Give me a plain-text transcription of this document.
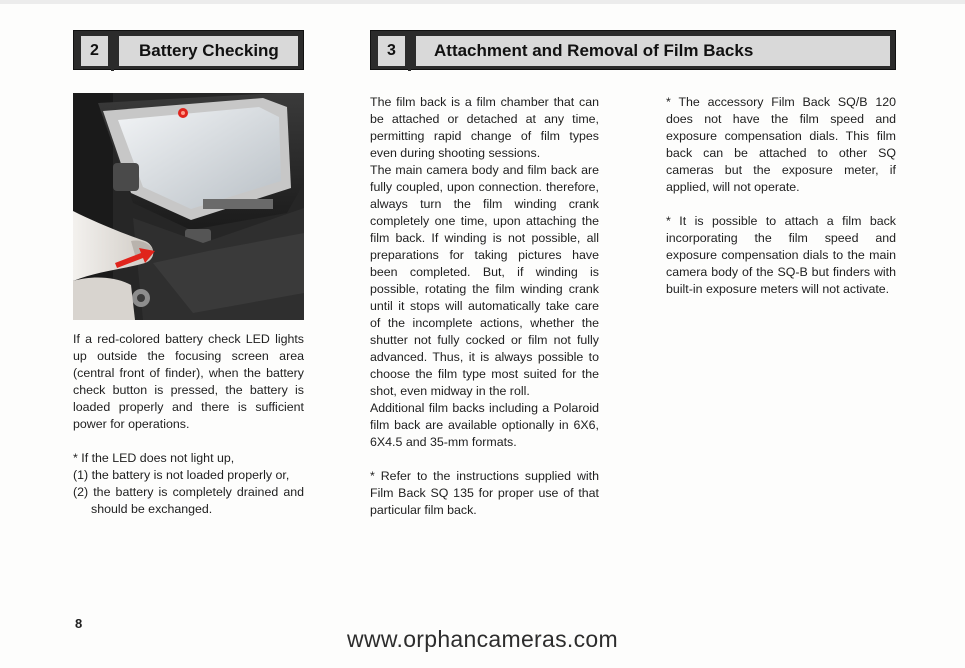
2	Battery Checking	3	Attachment and Removal of Film Backs

If a red-colored battery check LED lights up outside the focusing screen area (central front of finder), when the battery check button is pressed, the battery is loaded properly and there is sufficient power for operations.

* If the LED does not light up,

(1) the battery is not loaded properly or,

(2) the battery is completely drained and should be exchanged.

The film back is a film chamber that can be attached or detached at any time, permitting rapid change of film types even during shooting sessions.

The main camera body and film back are fully coupled, upon connection. therefore, always turn the film winding crank completely one time, upon attaching the film back. If winding is not possible, all preparations for taking pictures have been completed. But, if winding is possible, rotating the film winding crank until it stops will automatically take care of the incomplete actions, whether the shutter not fully cocked or film not fully advanced. Thus, it is always possible to choose the film type most suited for the shot, even midway in the roll.

Additional film backs including a Polaroid film back are available optionally in 6X6, 6X4.5 and 35-mm formats.

* Refer to the instructions supplied with Film Back SQ 135 for proper use of that particular film back.

* The accessory Film Back SQ/B 120 does not have the film speed and exposure compensation dials. This film back can be attached to other SQ cameras but the exposure meter, if applied, will not operate.

* It is possible to attach a film back incorporating the film speed and exposure compensation dials to the main camera body of the SQ-B but finders with built-in exposure meters will not activate.

8
www.orphancameras.com
